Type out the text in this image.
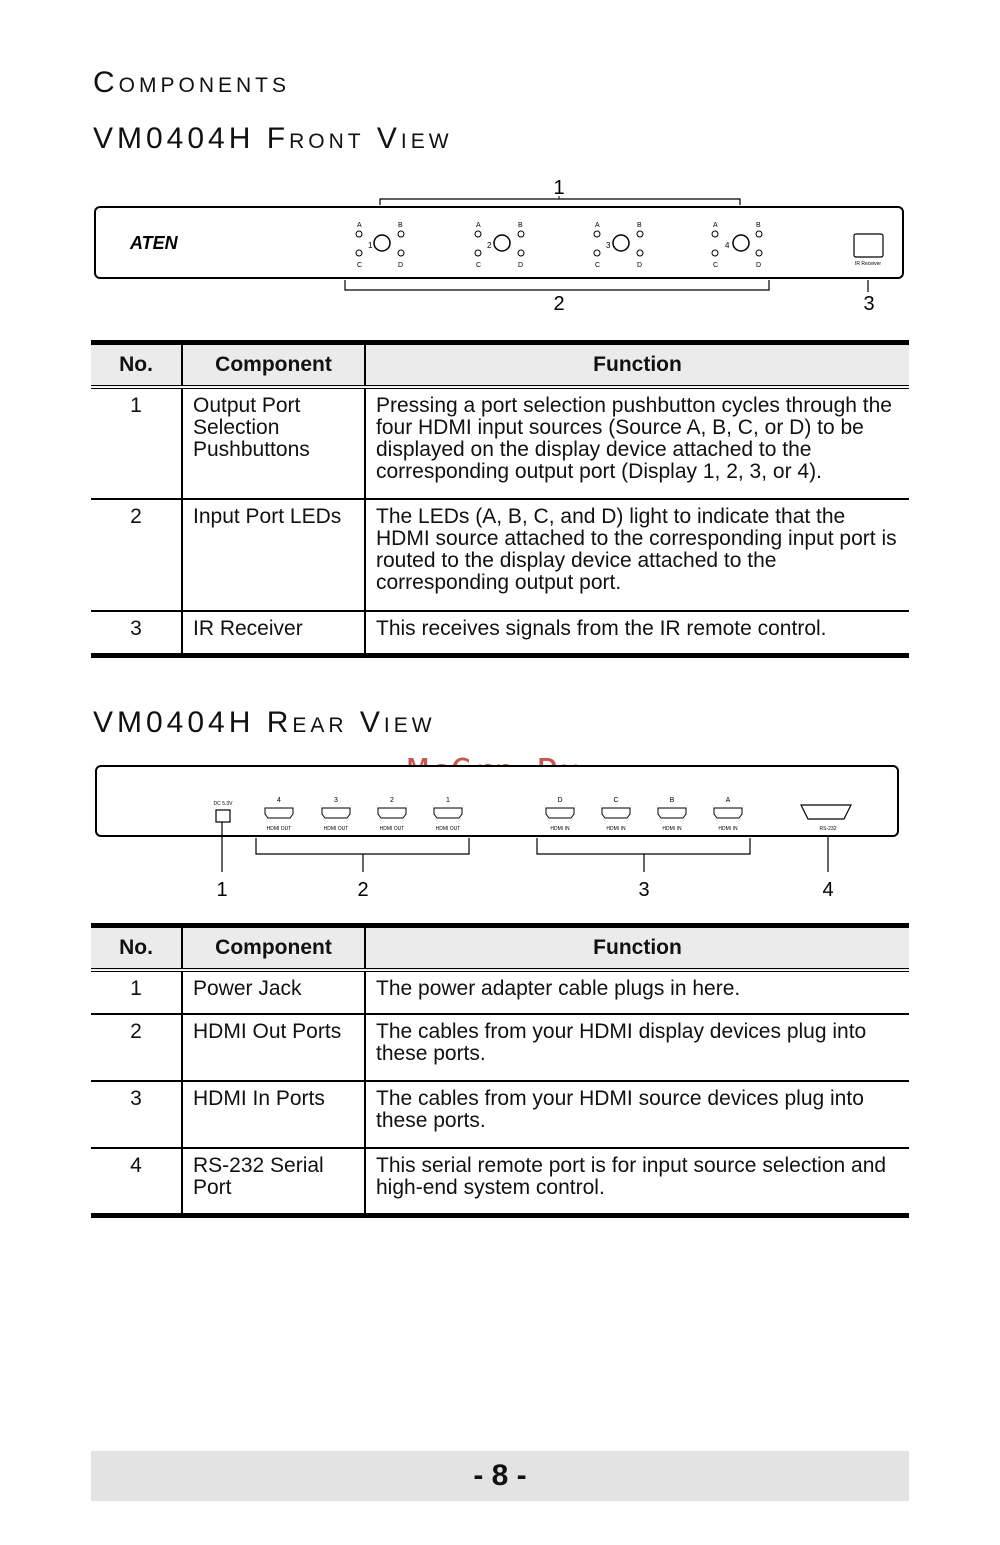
Components
VM0404H Front View
1
ATEN
A	B
C	D
1
A	B
C	D
2
A	B
C	D
3
A	B
C	D
4
IR Receiver
2	3
No.	Component	Function
1	Output Port Selection Pushbuttons	Pressing a port selection pushbutton cycles through the four HDMI input sources (Source A, B, C, or D) to be displayed on the display device attached to the corresponding output port (Display 1, 2, 3, or 4).
2	Input Port LEDs	The LEDs (A, B, C, and D) light to indicate that the HDMI source attached to the corresponding input port is routed to the display device attached to the corresponding output port.
3	IR Receiver	This receives signals from the IR remote control.
VM0404H Rear View
DC 5.3V	4	3	2	1
HDMI OUT	HDMI OUT	HDMI OUT	HDMI OUT
D	C	B	A
HDMI IN	HDMI IN	HDMI IN	HDMI IN	RS-232
1	2	3	4
No.	Component	Function
1	Power Jack	The power adapter cable plugs in here.
2	HDMI Out Ports	The cables from your HDMI display devices plug into these ports.
3	HDMI In Ports	The cables from your HDMI source devices plug into these ports.
4	RS-232 Serial Port	This serial remote port is for input source selection and high-end system control.
- 8 -
